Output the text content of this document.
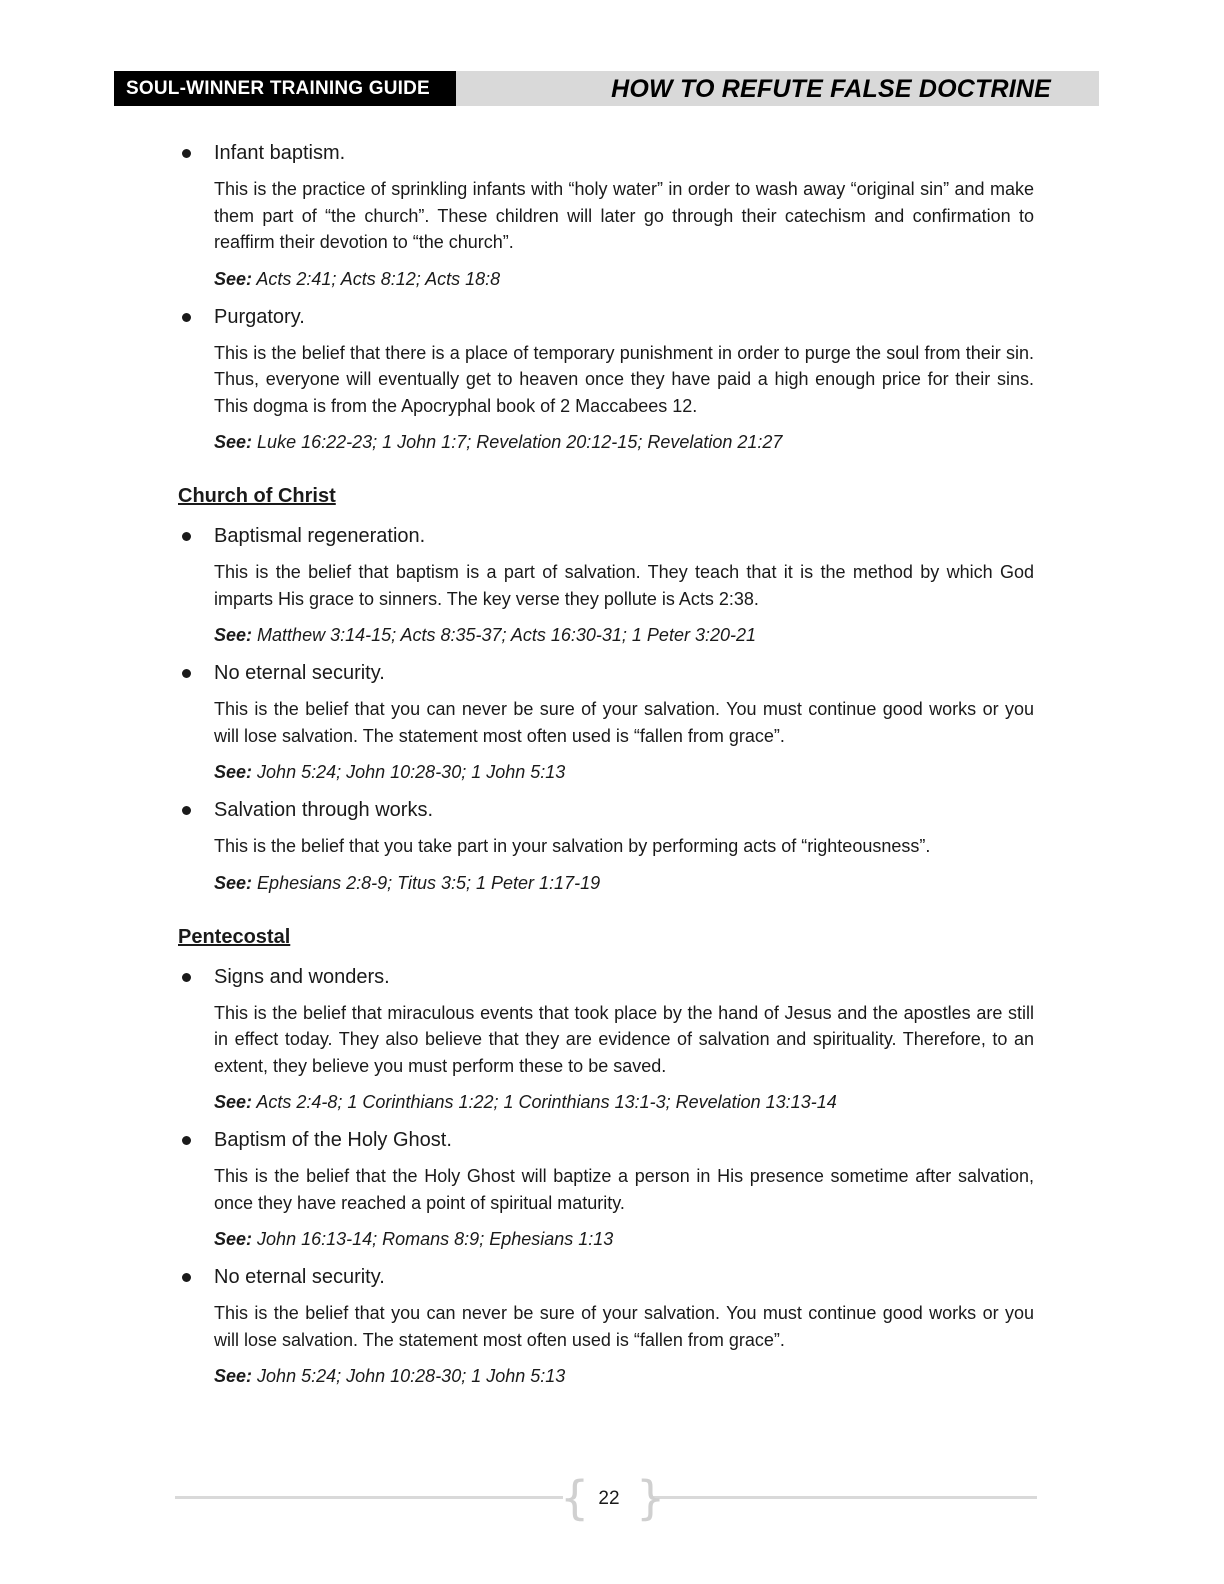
SOUL-WINNER TRAINING GUIDE	HOW TO REFUTE FALSE DOCTRINE
Infant baptism.
This is the practice of sprinkling infants with “holy water” in order to wash away “original sin” and make them part of “the church”. These children will later go through their catechism and confirmation to reaffirm their devotion to “the church”.
See: Acts 2:41; Acts 8:12; Acts 18:8
Purgatory.
This is the belief that there is a place of temporary punishment in order to purge the soul from their sin. Thus, everyone will eventually get to heaven once they have paid a high enough price for their sins. This dogma is from the Apocryphal book of 2 Maccabees 12.
See: Luke 16:22-23; 1 John 1:7; Revelation 20:12-15; Revelation 21:27
Church of Christ
Baptismal regeneration.
This is the belief that baptism is a part of salvation. They teach that it is the method by which God imparts His grace to sinners. The key verse they pollute is Acts 2:38.
See: Matthew 3:14-15; Acts 8:35-37; Acts 16:30-31; 1 Peter 3:20-21
No eternal security.
This is the belief that you can never be sure of your salvation. You must continue good works or you will lose salvation. The statement most often used is “fallen from grace”.
See: John 5:24; John 10:28-30; 1 John 5:13
Salvation through works.
This is the belief that you take part in your salvation by performing acts of “righteousness”.
See: Ephesians 2:8-9; Titus 3:5; 1 Peter 1:17-19
Pentecostal
Signs and wonders.
This is the belief that miraculous events that took place by the hand of Jesus and the apostles are still in effect today. They also believe that they are evidence of salvation and spirituality. Therefore, to an extent, they believe you must perform these to be saved.
See: Acts 2:4-8; 1 Corinthians 1:22; 1 Corinthians 13:1-3; Revelation 13:13-14
Baptism of the Holy Ghost.
This is the belief that the Holy Ghost will baptize a person in His presence sometime after salvation, once they have reached a point of spiritual maturity.
See: John 16:13-14; Romans 8:9; Ephesians 1:13
No eternal security.
This is the belief that you can never be sure of your salvation. You must continue good works or you will lose salvation. The statement most often used is “fallen from grace”.
See: John 5:24; John 10:28-30; 1 John 5:13
{ }
22
